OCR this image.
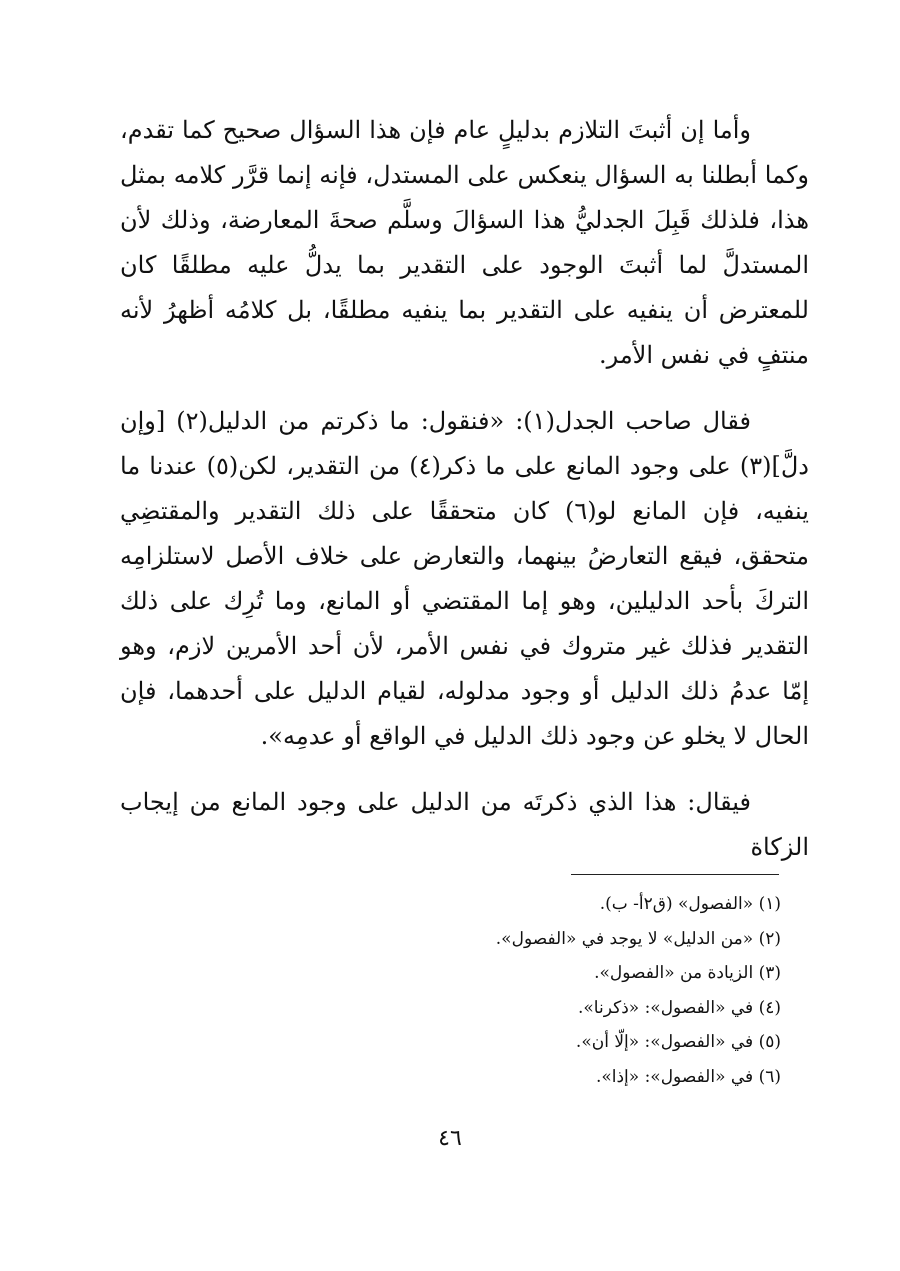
وأما إن أثبتَ التلازم بدليلٍ عام فإن هذا السؤال صحيح كما تقدم، وكما أبطلنا به السؤال ينعكس على المستدل، فإنه إنما قرَّر كلامه بمثل هذا، فلذلك قَبِلَ الجدليُّ هذا السؤالَ وسلَّم صحةَ المعارضة، وذلك لأن المستدلَّ لما أثبتَ الوجود على التقدير بما يدلُّ عليه مطلقًا كان للمعترض أن ينفيه على التقدير بما ينفيه مطلقًا، بل كلامُه أظهرُ لأنه منتفٍ في نفس الأمر.

فقال صاحب الجدل(١): «فنقول: ما ذكرتم من الدليل(٢) [وإن دلَّ](٣) على وجود المانع على ما ذكر(٤) من التقدير، لكن(٥) عندنا ما ينفيه، فإن المانع لو(٦) كان متحققًا على ذلك التقدير والمقتضِي متحقق، فيقع التعارضُ بينهما، والتعارض على خلاف الأصل لاستلزامِه التركَ بأحد الدليلين، وهو إما المقتضي أو المانع، وما تُرِك على ذلك التقدير فذلك غير متروك في نفس الأمر، لأن أحد الأمرين لازم، وهو إمّا عدمُ ذلك الدليل أو وجود مدلوله، لقيام الدليل على أحدهما، فإن الحال لا يخلو عن وجود ذلك الدليل في الواقع أو عدمِه».

فيقال: هذا الذي ذكرتَه من الدليل على وجود المانع من إيجاب الزكاة

(١) «الفصول» (ق٢أ- ب).

(٢) «من الدليل» لا يوجد في «الفصول».

(٣) الزيادة من «الفصول».

(٤) في «الفصول»: «ذكرنا».

(٥) في «الفصول»: «إلّا أن».

(٦) في «الفصول»: «إذا».

٤٦
